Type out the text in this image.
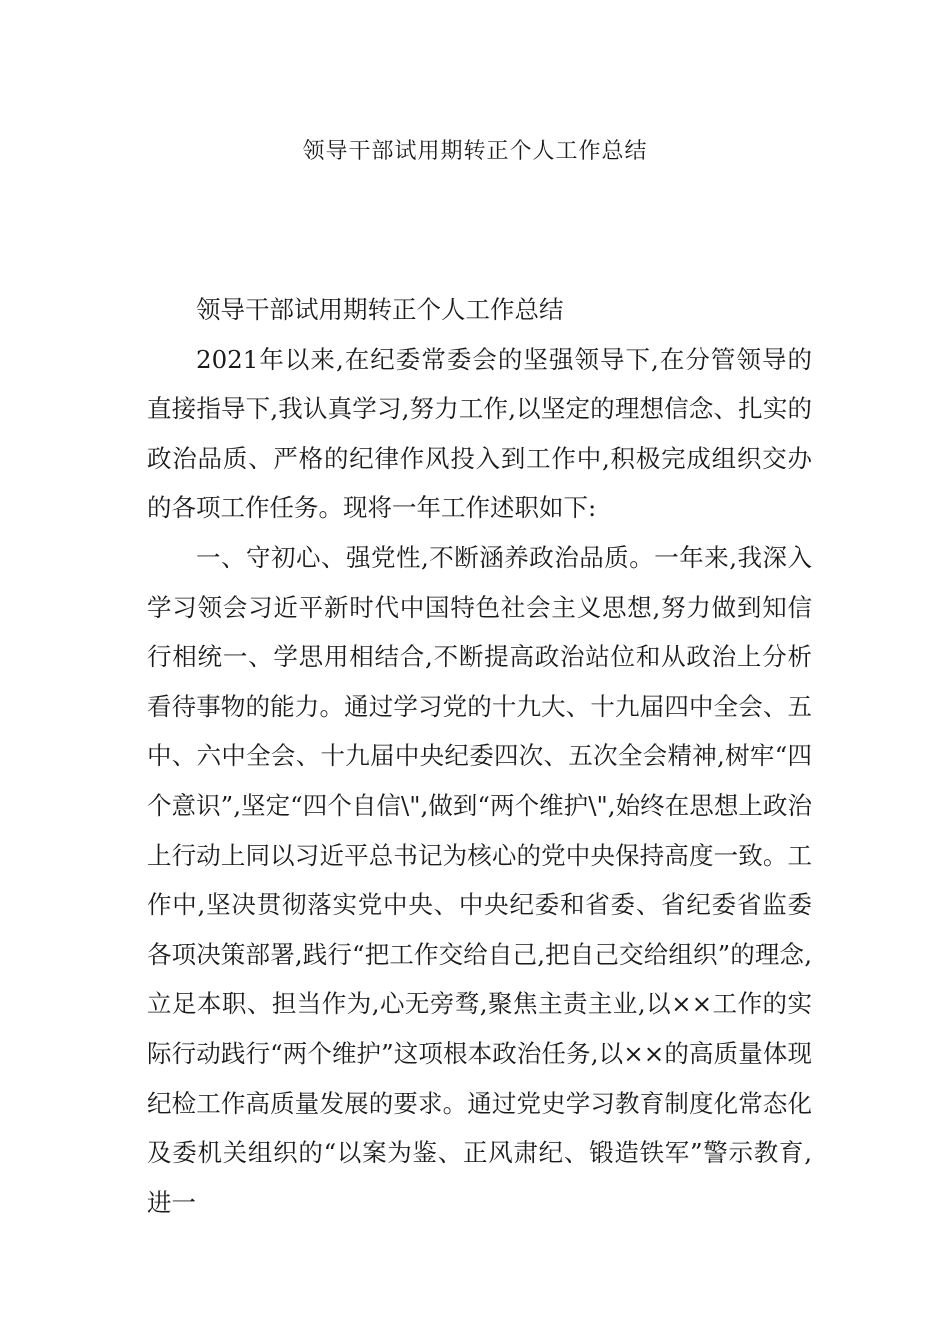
领导干部试用期转正个人工作总结

领导干部试用期转正个人工作总结

2021年以来,在纪委常委会的坚强领导下,在分管领导的直接指导下,我认真学习,努力工作,以坚定的理想信念、扎实的政治品质、严格的纪律作风投入到工作中,积极完成组织交办的各项工作任务。现将一年工作述职如下:

一、守初心、强党性,不断涵养政治品质。一年来,我深入学习领会习近平新时代中国特色社会主义思想,努力做到知信行相统一、学思用相结合,不断提高政治站位和从政治上分析看待事物的能力。通过学习党的十九大、十九届四中全会、五中、六中全会、十九届中央纪委四次、五次全会精神,树牢“四个意识”,坚定“四个自信\",做到“两个维护\",始终在思想上政治上行动上同以习近平总书记为核心的党中央保持高度一致。工作中,坚决贯彻落实党中央、中央纪委和省委、省纪委省监委各项决策部署,践行“把工作交给自己,把自己交给组织”的理念,立足本职、担当作为,心无旁骛,聚焦主责主业,以××工作的实际行动践行“两个维护”这项根本政治任务,以××的高质量体现纪检工作高质量发展的要求。通过党史学习教育制度化常态化及委机关组织的“以案为鉴、正风肃纪、锻造铁军”警示教育,进一
